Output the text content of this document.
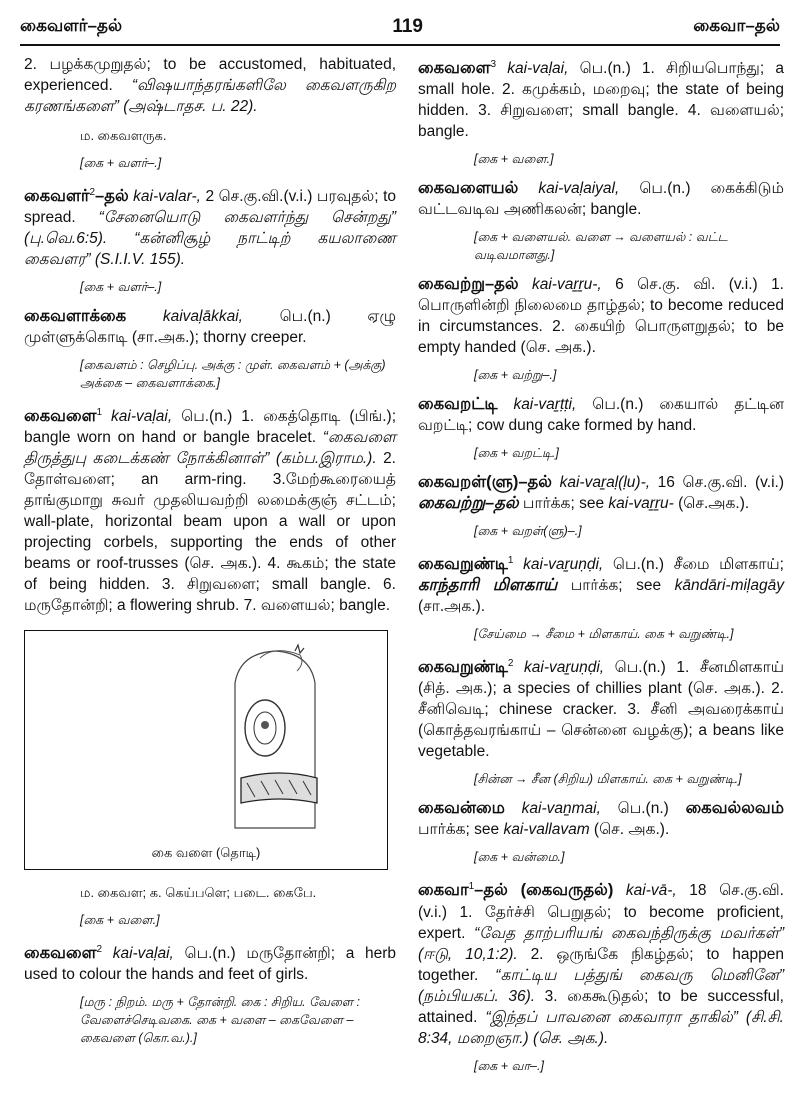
கைவளர்–தல்	119	கைவா–தல்
2. பழக்கமுறுதல்; to be accustomed, habituated, experienced. “விஷயாந்தரங்களிலே கைவளருகிற கரணங்களை” (அஷ்டாதச. ப. 22).
ம. கைவளருக.
[கை + வளர்–.]
கைவளர்$^2$–தல் kai-valar-, 2 செ.கு.வி.(v.i.) பரவுதல்; to spread. “சேனையொடு கைவளர்ந்து சென்றது” (பு.வெ.6:5). “கன்னிசூழ் நாட்டிற் கயலாணை கைவளர” (S.I.I.V. 155).
[கை + வளர்–.]
கைவளாக்கை kaivaḷākkai, பெ.(n.) ஏழு முள்ளுக்கொடி (சா.அக.); thorny creeper.
[கைவளம் : செழிப்பு. அக்கு : முள். கைவளம் + (அக்கு) அக்கை – கைவளாக்கை.]
கைவளை$^1$ kai-vaḷai, பெ.(n.) 1. கைத்தொடி (பிங்.); bangle worn on hand or bangle bracelet. “கைவளை திருத்துபு கடைக்கண் நோக்கினாள்” (கம்ப.இராம.). 2. தோள்வளை; an arm-ring. 3.மேற்கூரையைத் தாங்குமாறு சுவர் முதலியவற்றி லமைக்குஞ் சட்டம்; wall-plate, horizontal beam upon a wall or upon projecting corbels, supporting the ends of other beams or roof-trusses (செ. அக.). 4. கூகம்; the state of being hidden. 3. சிறுவளை; small bangle. 6. மருதோன்றி; a flowering shrub. 7. வளையல்; bangle.
கை வளை (தொடி)
ம. கைவள; க. கெய்பளெ; படை. கைபே.
[கை + வளை.]
கைவளை$^2$ kai-vaḷai, பெ.(n.) மருதோன்றி; a herb used to colour the hands and feet of girls.
[மரு : நிறம். மரு + தோன்றி. கை : சிறிய. வேளை : வேளைச்செடிவகை. கை + வளை – கைவேளை – கைவளை (கொ.வ.).]
கைவளை$^3$ kai-vaḷai, பெ.(n.) 1. சிறியபொந்து; a small hole. 2. கமுக்கம், மறைவு; the state of being hidden. 3. சிறுவளை; small bangle. 4. வளையல்; bangle.
[கை + வளை.]
கைவளையல் kai-vaḷaiyal, பெ.(n.) கைக்கிடும் வட்டவடிவ அணிகலன்; bangle.
[கை + வளையல். வளை → வளையல் : வட்ட வடிவமானது.]
கைவற்று–தல் kai-vaṟṟu-, 6 செ.கு. வி. (v.i.) 1. பொருளின்றி நிலைமை தாழ்தல்; to become reduced in circumstances. 2. கையிற் பொருளறுதல்; to be empty handed (செ. அக.).
[கை + வற்று–.]
கைவறட்டி kai-vaṟṭṭi, பெ.(n.) கையால் தட்டின வறட்டி; cow dung cake formed by hand.
[கை + வறட்டி.]
கைவறள்(ளு)–தல் kai-vaṟaḷ(ḷu)-, 16 செ.கு.வி. (v.i.) கைவற்று–தல் பார்க்க; see kai-vaṟṟu- (செ.அக.).
[கை + வறள்(ளு)–.]
கைவறுண்டி$^1$ kai-vaṟuṇḍi, பெ.(n.) சீமை மிளகாய்; காந்தாரி மிளகாய் பார்க்க; see kāndāri-miḷagāy (சா.அக.).
[சேய்மை → சீமை + மிளகாய். கை + வறுண்டி.]
கைவறுண்டி$^2$ kai-vaṟuṇḍi, பெ.(n.) 1. சீனமிளகாய் (சித். அக.); a species of chillies plant (செ. அக.). 2. சீனிவெடி; chinese cracker. 3. சீனி அவரைக்காய் (கொத்தவரங்காய் – சென்னை வழக்கு); a beans like vegetable.
[சின்ன → சீன (சிறிய) மிளகாய். கை + வறுண்டி.]
கைவன்மை kai-vaṉmai, பெ.(n.) கைவல்லவம் பார்க்க; see kai-vallavam (செ. அக.).
[கை + வன்மை.]
கைவா$^1$–தல் (கைவருதல்) kai-vā-, 18 செ.கு.வி. (v.i.) 1. தேர்ச்சி பெறுதல்; to become proficient, expert. “வேத தாற்பரியங் கைவந்திருக்கு மவர்கள்” (ஈடு, 10,1:2). 2. ஒருங்கே நிகழ்தல்; to happen together. “காட்டிய பத்துங் கைவரு மெனினே” (நம்பியகப். 36). 3. கைகூடுதல்; to be successful, attained. “இந்தப் பாவனை கைவாரா தாகில்” (சி.சி. 8:34, மறைஞா.) (செ. அக.).
[கை + வா–.]
